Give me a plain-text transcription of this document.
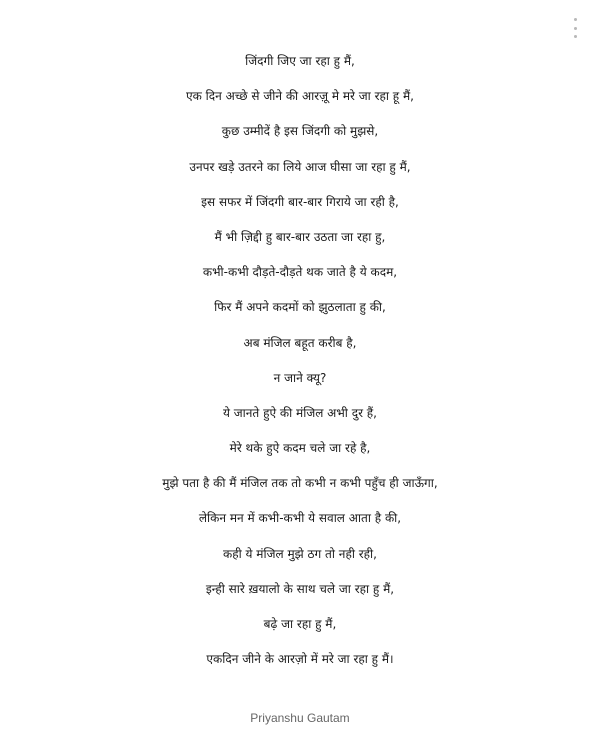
जिंदगी जिए जा रहा हु मैं,
एक दिन अच्छे से जीने की आरज़ू मे मरे जा रहा हू मैं,
कुछ उम्मीदें है इस जिंदगी को मुझसे,
उनपर खड़े उतरने का लिये आज घीसा जा रहा हु मैं,
इस सफर में जिंदगी बार-बार गिराये जा रही है,
मैं भी ज़िद्दी हु बार-बार उठता जा रहा हु,
कभी-कभी दौड़ते-दौड़ते थक जाते है ये कदम,
फिर मैं अपने कदमों को झुठलाता हु की,
अब मंजिल बहूत करीब है,
न जाने क्यू?
ये जानते हुऐ की मंजिल अभी दुर हैं,
मेरे थके हुऐ कदम चले जा रहे है,
मुझे पता है की मैं मंजिल तक तो कभी न कभी पहुँच ही जाऊँगा,
लेकिन मन में कभी-कभी ये सवाल आता है की,
कही ये मंजिल मुझे ठग तो नही रही,
इन्ही सारे ख़यालो के साथ चले जा रहा हु मैं,
बढ़े जा रहा हु मैं,
एकदिन जीने के आरज़ो में मरे जा रहा हु मैं।
Priyanshu Gautam
